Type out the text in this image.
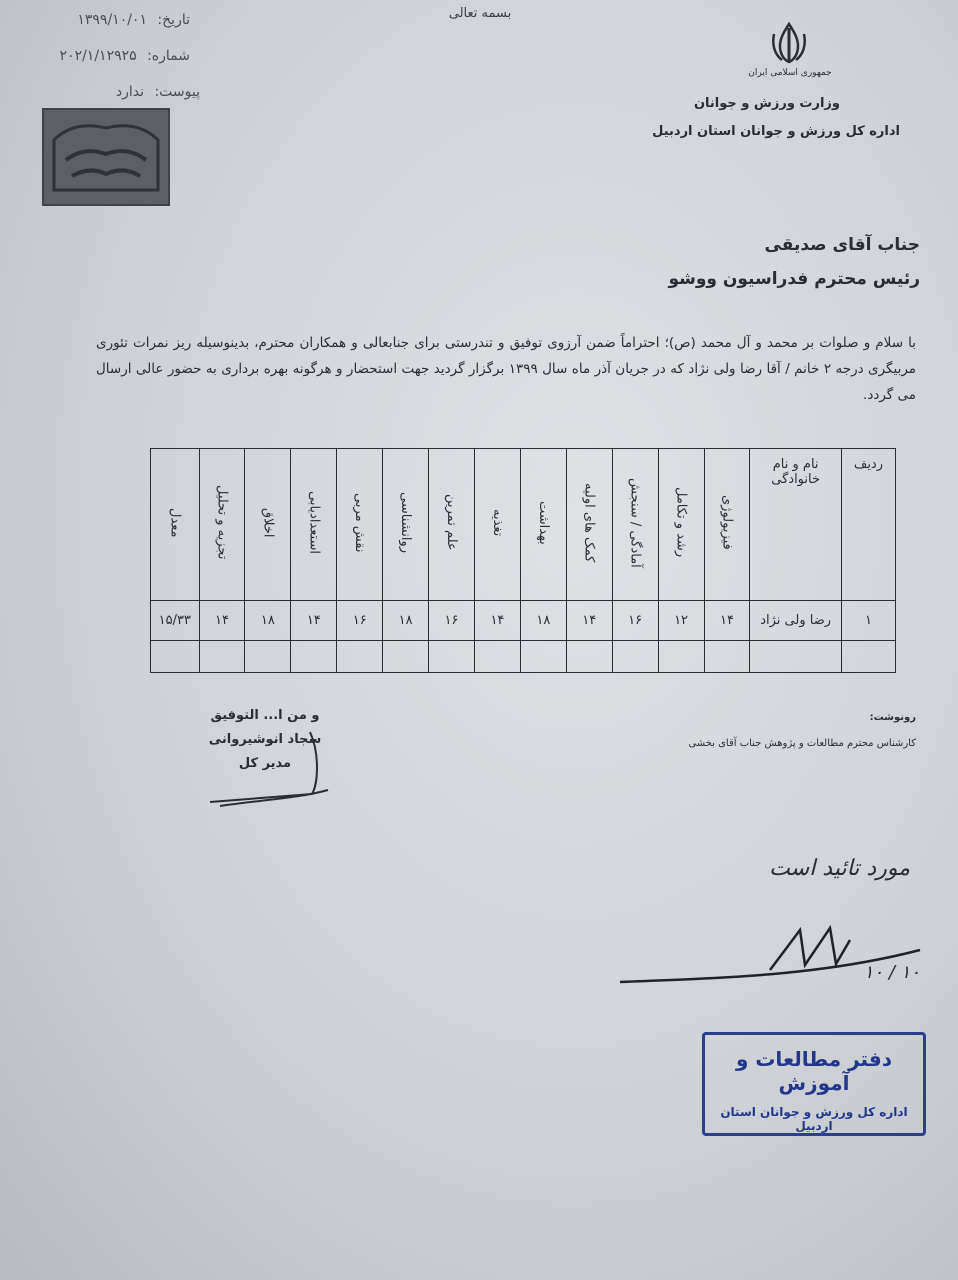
بسمه تعالی
تاریخ: ۱۳۹۹/۱۰/۰۱
شماره: ۲۰۲/۱/۱۲۹۲۵
پیوست: ندارد
جمهوری اسلامی ایران
وزارت ورزش و جوانان
اداره کل ورزش و جوانان استان اردبیل
جناب آقای صدیقی
رئیس محترم فدراسیون ووشو
با سلام و صلوات بر محمد و آل محمد (ص)؛ احتراماً ضمن آرزوی توفیق و تندرستی برای جنابعالی و همکاران محترم، بدینوسیله ریز نمرات تئوری مربیگری درجه ۲ خانم / آقا رضا ولی نژاد که در جریان آذر ماه سال ۱۳۹۹ برگزار گردید جهت استحضار و هرگونه بهره برداری به حضور عالی ارسال می گردد.
ردیف	نام و نام خانوادگی	فیزیولوژی	رشد و تکامل	آمادگی / سنجش	کمک های اولیه	بهداشت	تغذیه	علم تمرین	روانشناسی	نقش مربی	استعدادیابی	اخلاق	تجزیه و تحلیل	معدل
۱	رضا ولی نژاد	۱۴	۱۲	۱۶	۱۴	۱۸	۱۴	۱۶	۱۸	۱۶	۱۴	۱۸	۱۴	۱۵/۳۳

و من ا... التوفیق
سجاد انوشیروانی
مدیر کل
رونوشت:
کارشناس محترم مطالعات و پژوهش جناب آقای بخشی
مورد تائید است
۱۰ / ۱۰
دفتر مطالعات و آموزش
اداره کل ورزش و جوانان استان اردبیل
